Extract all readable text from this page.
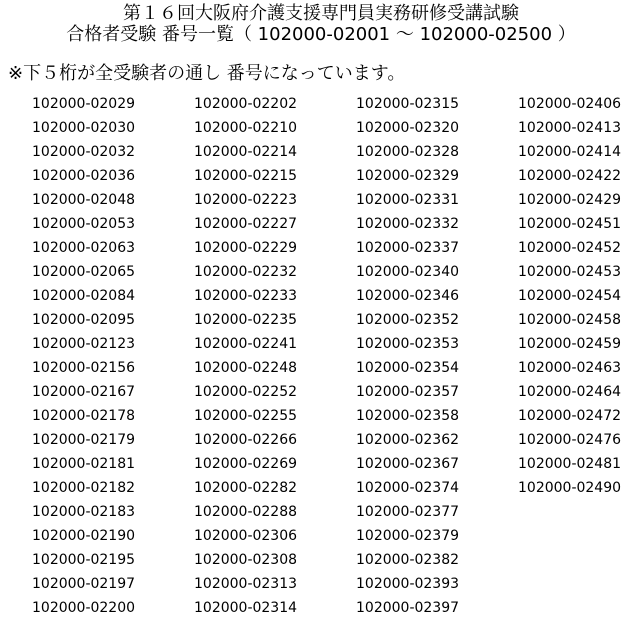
第１６回大阪府介護支援専門員実務研修受講試験
合格者受験 番号一覧（ 102000-02001 ～ 102000-02500 ）
※下５桁が全受験者の通し 番号になっています。
102000-02029
102000-02030
102000-02032
102000-02036
102000-02048
102000-02053
102000-02063
102000-02065
102000-02084
102000-02095
102000-02123
102000-02156
102000-02167
102000-02178
102000-02179
102000-02181
102000-02182
102000-02183
102000-02190
102000-02195
102000-02197
102000-02200
102000-02202
102000-02210
102000-02214
102000-02215
102000-02223
102000-02227
102000-02229
102000-02232
102000-02233
102000-02235
102000-02241
102000-02248
102000-02252
102000-02255
102000-02266
102000-02269
102000-02282
102000-02288
102000-02306
102000-02308
102000-02313
102000-02314
102000-02315
102000-02320
102000-02328
102000-02329
102000-02331
102000-02332
102000-02337
102000-02340
102000-02346
102000-02352
102000-02353
102000-02354
102000-02357
102000-02358
102000-02362
102000-02367
102000-02374
102000-02377
102000-02379
102000-02382
102000-02393
102000-02397
102000-02406
102000-02413
102000-02414
102000-02422
102000-02429
102000-02451
102000-02452
102000-02453
102000-02454
102000-02458
102000-02459
102000-02463
102000-02464
102000-02472
102000-02476
102000-02481
102000-02490
